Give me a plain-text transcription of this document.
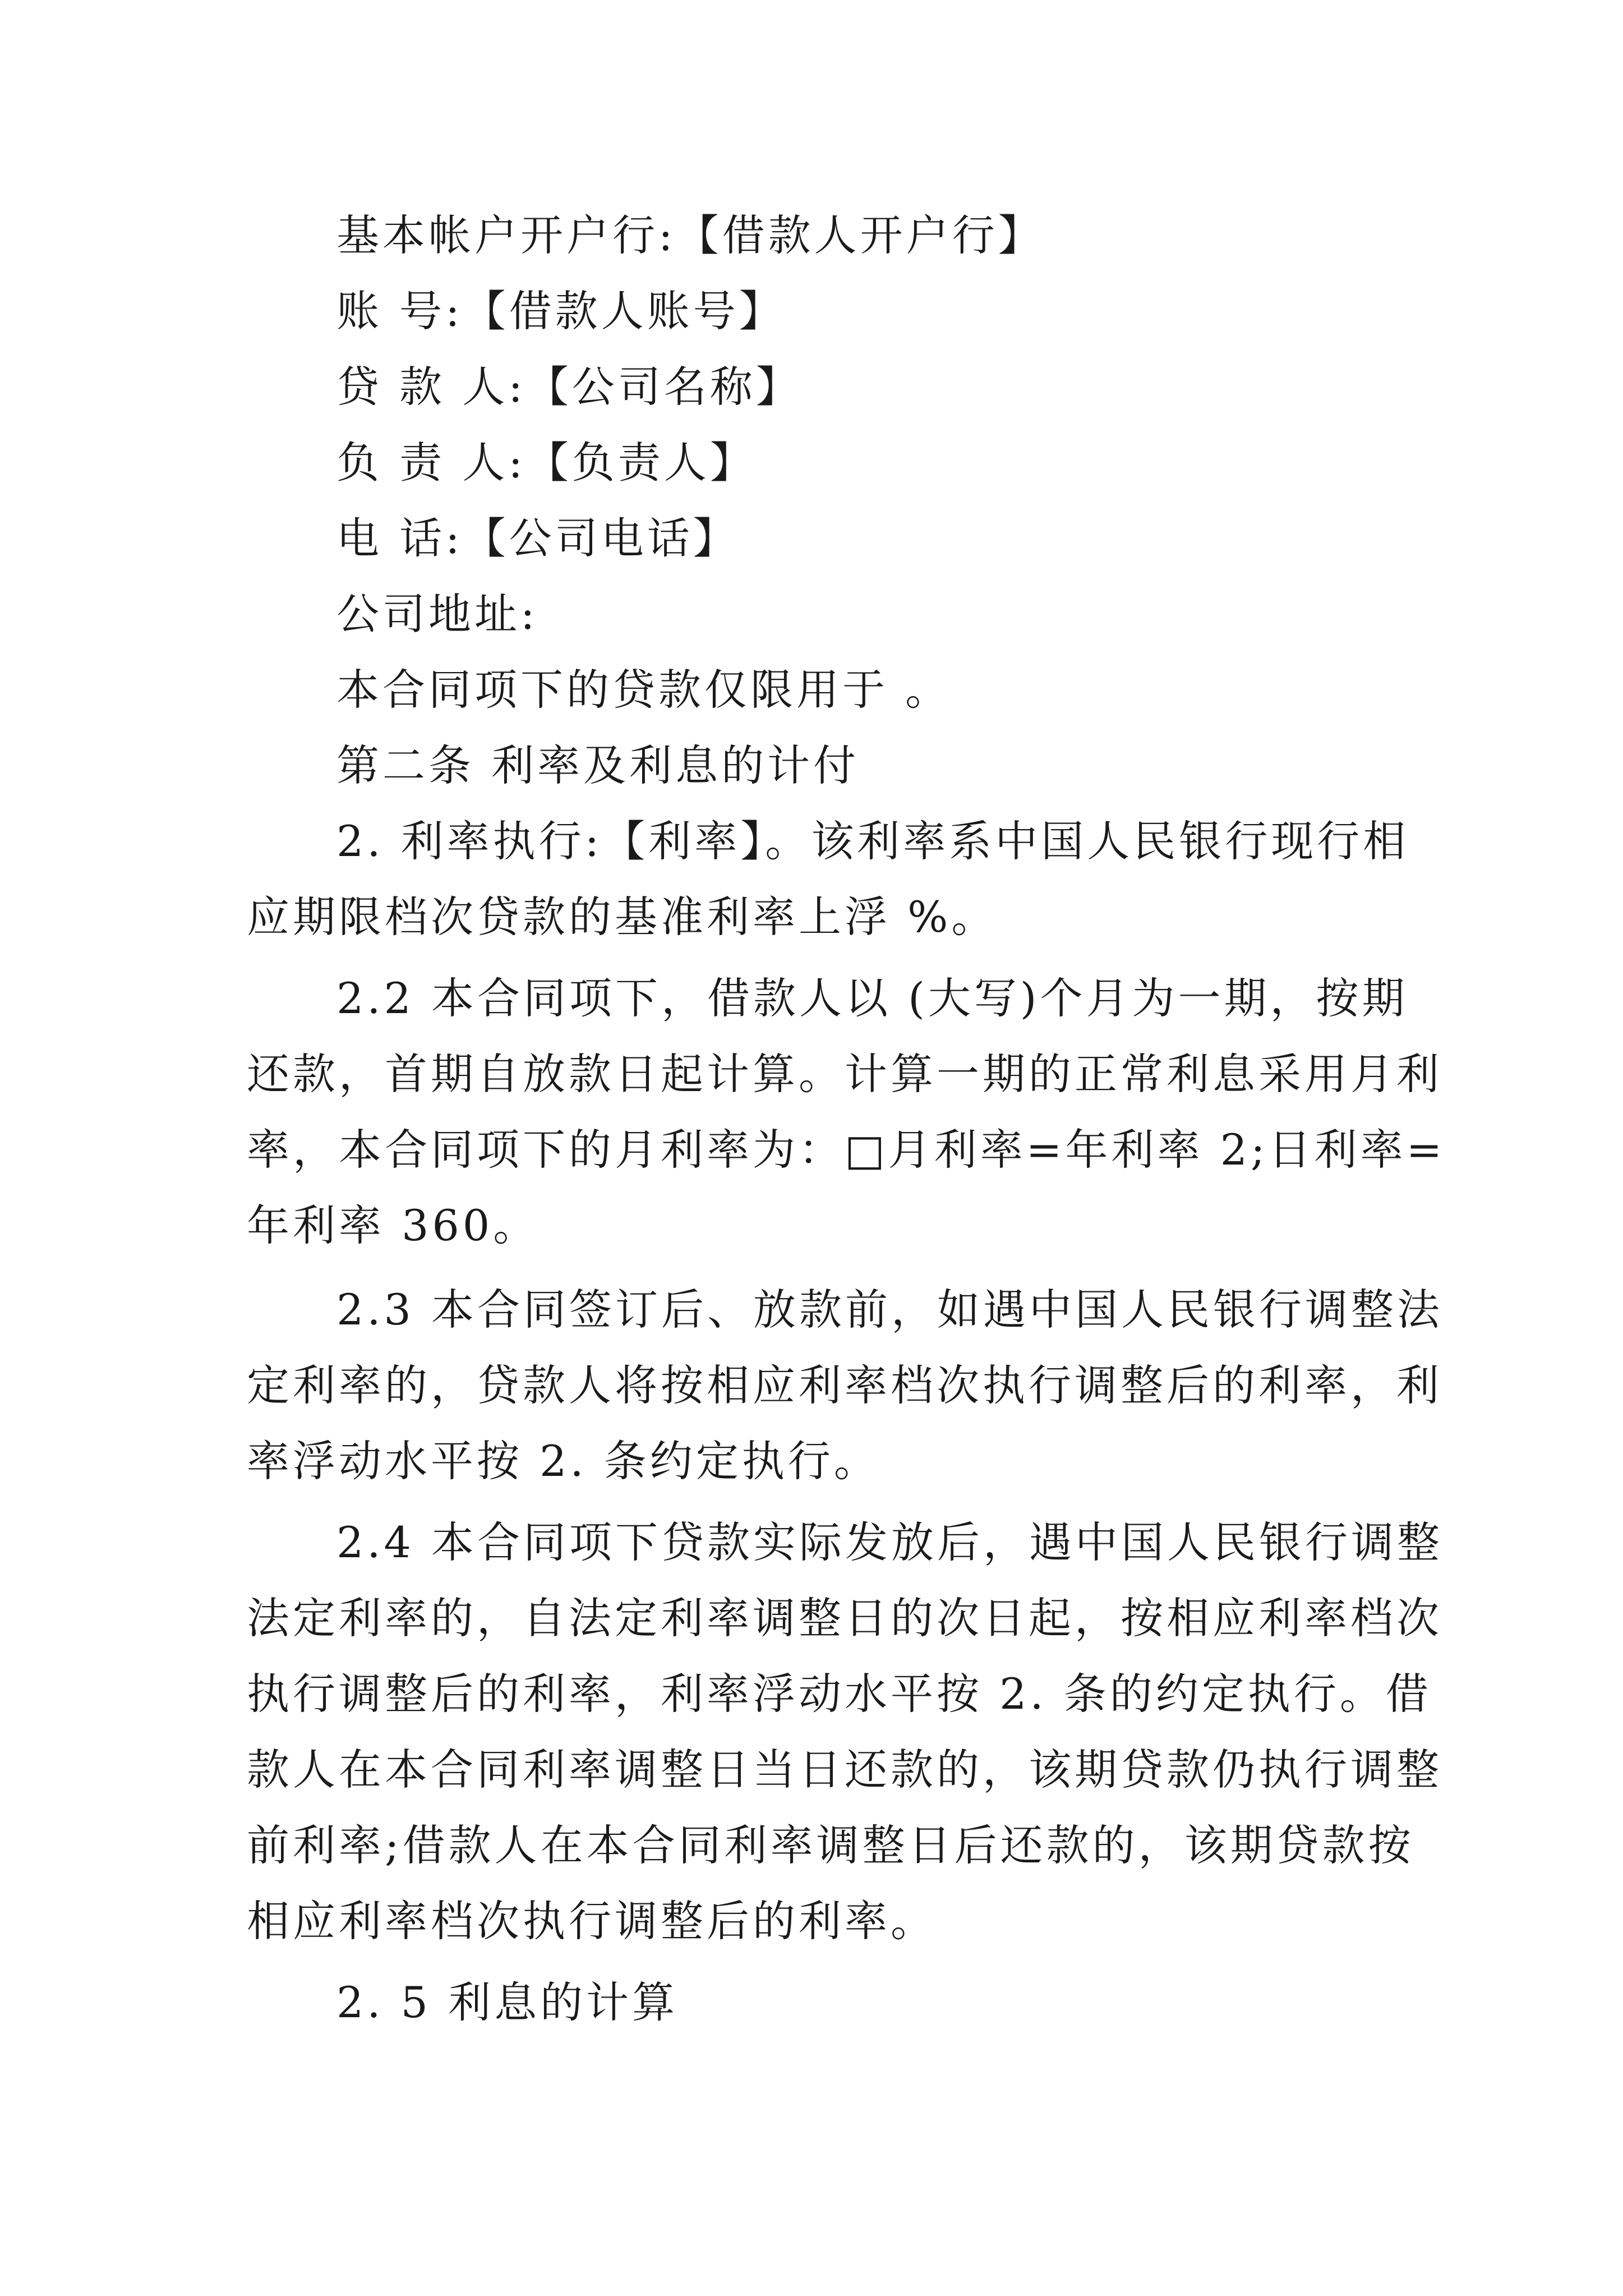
基本帐户开户行:【借款人开户行】
账 号:【借款人账号】
贷 款 人:【公司名称】
负 责 人:【负责人】
电 话:【公司电话】
公司地址:
本合同项下的贷款仅限用于 。
第二条 利率及利息的计付
2. 利率执行:【利率】。该利率系中国人民银行现行相
应期限档次贷款的基准利率上浮 %。
2.2 本合同项下，借款人以 (大写)个月为一期，按期
还款，首期自放款日起计算。计算一期的正常利息采用月利
率，本合同项下的月利率为：□月利率=年利率 2;日利率=
年利率 360。
2.3 本合同签订后、放款前，如遇中国人民银行调整法
定利率的，贷款人将按相应利率档次执行调整后的利率，利
率浮动水平按 2. 条约定执行。
2.4 本合同项下贷款实际发放后，遇中国人民银行调整
法定利率的，自法定利率调整日的次日起，按相应利率档次
执行调整后的利率，利率浮动水平按 2. 条的约定执行。借
款人在本合同利率调整日当日还款的，该期贷款仍执行调整
前利率;借款人在本合同利率调整日后还款的，该期贷款按
相应利率档次执行调整后的利率。
2. 5 利息的计算
